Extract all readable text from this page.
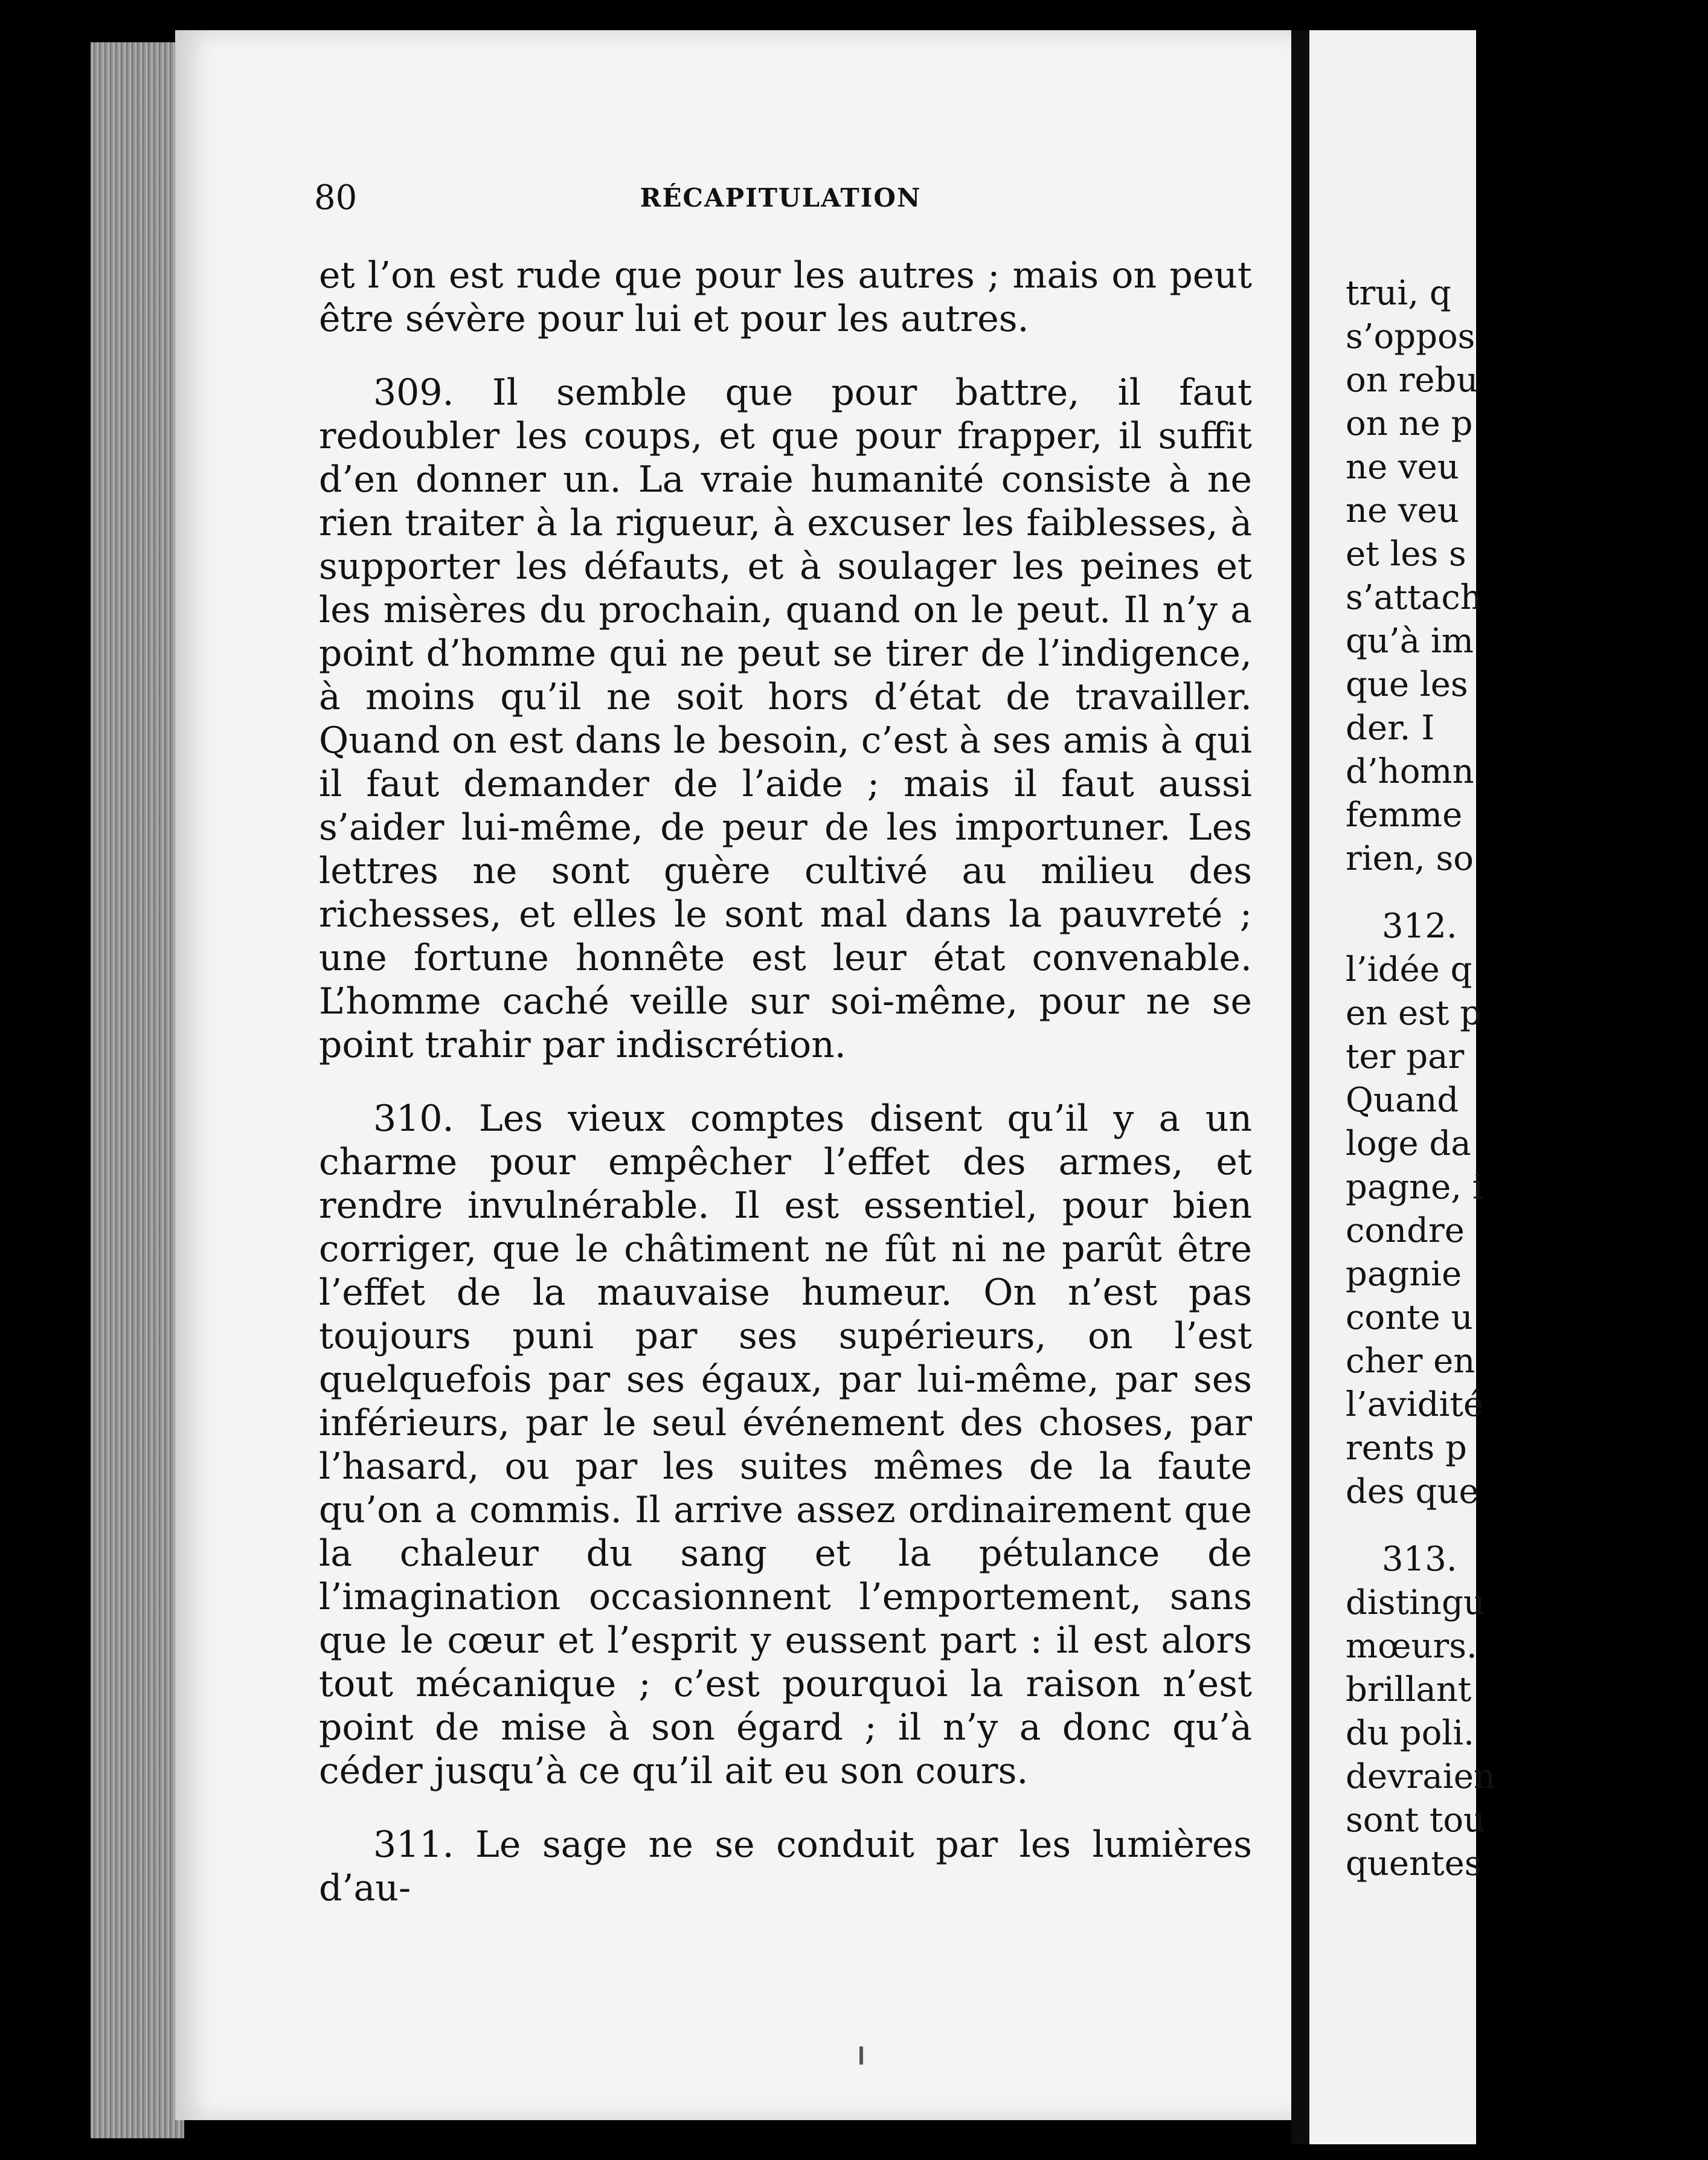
80	RÉCAPITULATION

et l’on est rude que pour les autres ; mais on peut être sévère pour lui et pour les autres.

309. Il semble que pour battre, il faut redoubler les coups, et que pour frapper, il suffit d’en donner un. La vraie humanité consiste à ne rien traiter à la rigueur, à excuser les faiblesses, à supporter les défauts, et à soulager les peines et les misères du prochain, quand on le peut. Il n’y a point d’homme qui ne peut se tirer de l’indigence, à moins qu’il ne soit hors d’état de travailler. Quand on est dans le besoin, c’est à ses amis à qui il faut demander de l’aide ; mais il faut aussi s’aider lui-même, de peur de les importuner. Les lettres ne sont guère cultivé au milieu des richesses, et elles le sont mal dans la pauvreté ; une fortune honnête est leur état convenable. L’homme caché veille sur soi-même, pour ne se point trahir par indiscrétion.

310. Les vieux comptes disent qu’il y a un charme pour empêcher l’effet des armes, et rendre invulnérable. Il est essentiel, pour bien corriger, que le châtiment ne fût ni ne parût être l’effet de la mauvaise humeur. On n’est pas toujours puni par ses supérieurs, on l’est quelquefois par ses égaux, par lui-même, par ses inférieurs, par le seul événement des choses, par l’hasard, ou par les suites mêmes de la faute qu’on a commis. Il arrive assez ordinairement que la chaleur du sang et la pétulance de l’imagination occasionnent l’emportement, sans que le cœur et l’esprit y eussent part : il est alors tout mécanique ; c’est pourquoi la raison n’est point de mise à son égard ; il n’y a donc qu’à céder jusqu’à ce qu’il ait eu son cours.

311. Le sage ne se conduit par les lumières d’au-

trui, q
s’oppos
on rebu
on ne p
ne veu
ne veu
et les s
s’attach
qu’à im
que les
der. I
d’homn
femme
rien, so
312.
l’idée q
en est p
ter par
Quand
loge da
pagne, i
condre
pagnie
conte u
cher en
l’avidité
rents p
des que
313.
distingu
mœurs.
brillant
du poli.
devraien
sont tou
quentes
